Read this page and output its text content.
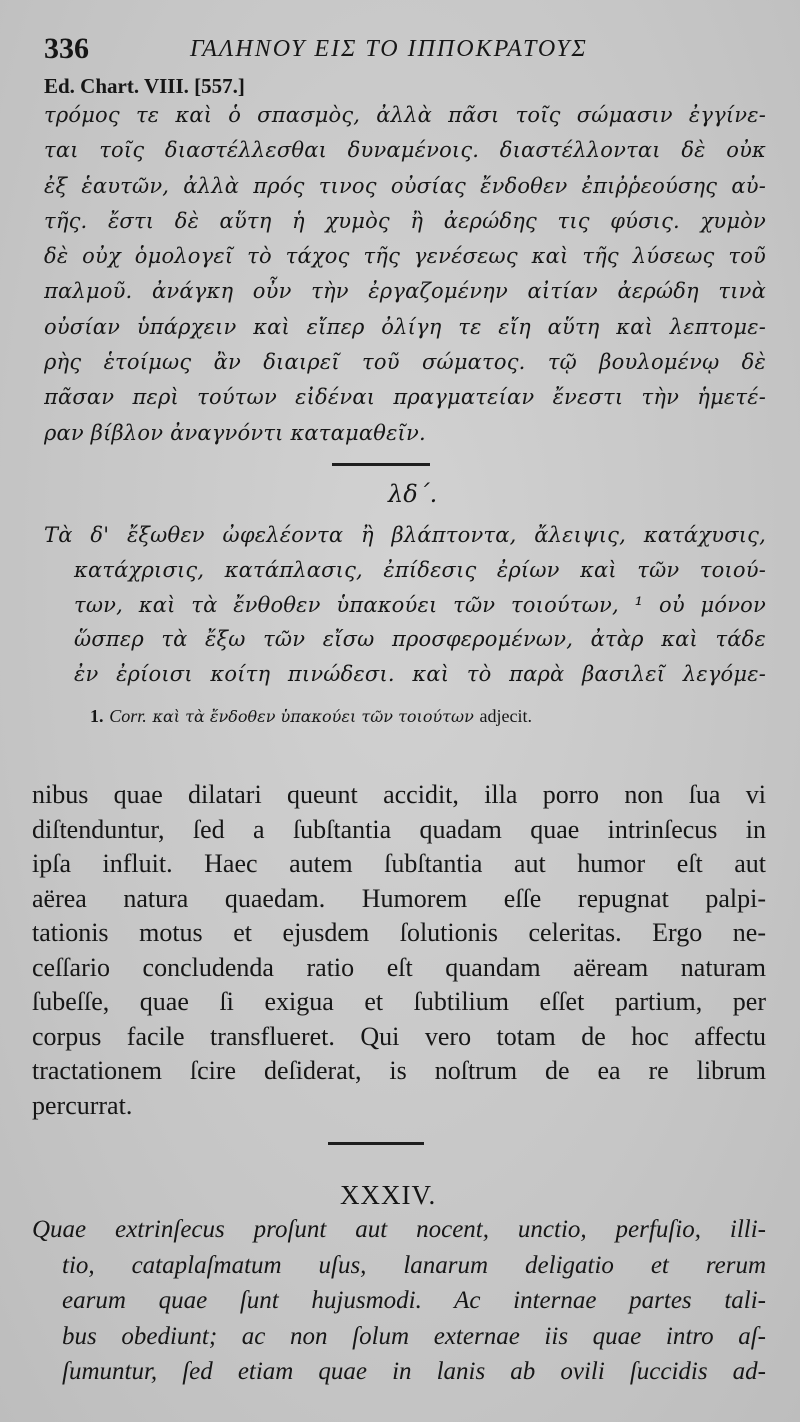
336	ΓΑΛΗΝΟΥ ΕΙΣ ΤΟ ΙΠΠΟΚΡΑΤΟΥΣ
Ed. Chart. VIII. [557.]
τρόμος τε καὶ ὁ σπασμὸς, ἀλλὰ πᾶσι τοῖς σώμασιν ἐγγίνε-
ται τοῖς διαστέλλεσθαι δυναμένοις. διαστέλλονται δὲ οὐκ
ἐξ ἑαυτῶν, ἀλλὰ πρός τινος οὐσίας ἔνδοθεν ἐπιῤῥεούσης αὐ-
τῆς. ἔστι δὲ αὕτη ἡ χυμὸς ἢ ἀερώδης τις φύσις. χυμὸν
δὲ οὐχ ὁμολογεῖ τὸ τάχος τῆς γενέσεως καὶ τῆς λύσεως τοῦ
παλμοῦ. ἀνάγκη οὖν τὴν ἐργαζομένην αἰτίαν ἀερώδη τινὰ
οὐσίαν ὑπάρχειν καὶ εἴπερ ὀλίγη τε εἴη αὕτη καὶ λεπτομε-
ρὴς ἑτοίμως ἂν διαιρεῖ τοῦ σώματος. τῷ βουλομένῳ δὲ
πᾶσαν περὶ τούτων εἰδέναι πραγματείαν ἔνεστι τὴν ἡμετέ-
ραν βίβλον ἀναγνόντι καταμαθεῖν.
λδ΄.
Τὰ δ' ἔξωθεν ὠφελέοντα ἢ βλάπτοντα, ἄλειψις, κατάχυσις,
κατάχρισις, κατάπλασις, ἐπίδεσις ἐρίων καὶ τῶν τοιού-
των, καὶ τὰ ἔνθοθεν ὑπακούει τῶν τοιούτων, ¹ οὐ μόνον
ὥσπερ τὰ ἔξω τῶν εἴσω προσφερομένων, ἀτὰρ καὶ τάδε
ἐν ἐρίοισι κοίτη πινώδεσι. καὶ τὸ παρὰ βασιλεῖ λεγόμε-
1. Corr. καὶ τὰ ἔνδοθεν ὑπακούει τῶν τοιούτων adjecit.
nibus quae dilatari queunt accidit, illa porro non ſua vi
diſtenduntur, ſed a ſubſtantia quadam quae intrinſecus in
ipſa influit. Haec autem ſubſtantia aut humor eſt aut
aërea natura quaedam. Humorem eſſe repugnat palpi-
tationis motus et ejusdem ſolutionis celeritas. Ergo ne-
ceſſario concludenda ratio eſt quandam aëream naturam
ſubeſſe, quae ſi exigua et ſubtilium eſſet partium, per
corpus facile transflueret. Qui vero totam de hoc affectu
tractationem ſcire deſiderat, is noſtrum de ea re librum
percurrat.
XXXIV.
Quae extrinſecus proſunt aut nocent, unctio, perfuſio, illi-
tio, cataplaſmatum uſus, lanarum deligatio et rerum
earum quae ſunt hujusmodi. Ac internae partes tali-
bus obediunt; ac non ſolum externae iis quae intro aſ-
ſumuntur, ſed etiam quae in lanis ab ovili ſuccidis ad-
